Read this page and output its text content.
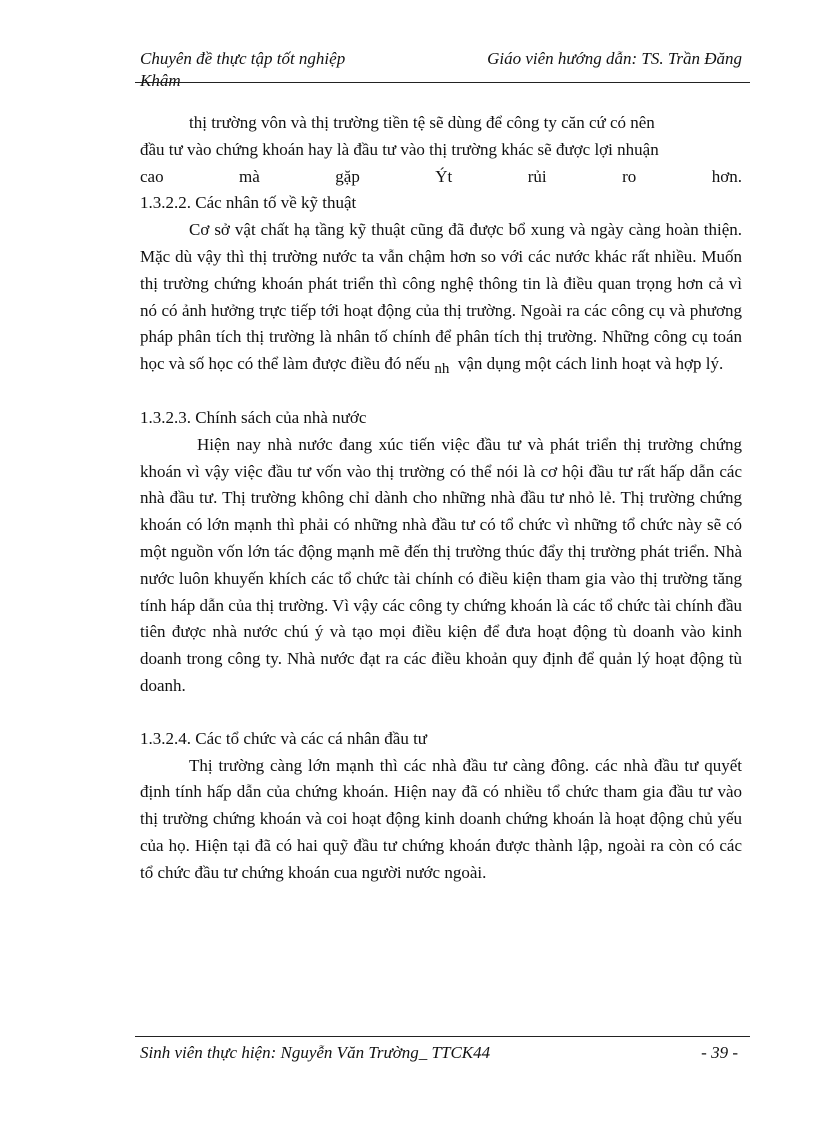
Chuyên đề thực tập tốt nghiệp	Giáo viên hướng dẫn: TS. Trần Đăng
Khâm

thị trường vôn và thị trường tiền tệ sẽ dùng để công ty căn cứ có nên

đầu tư vào chứng khoán hay là đầu tư vào thị trường khác sẽ được lợi nhuận

cao	mà	gặp	Ýt	rủi	ro	hơn.

1.3.2.2. Các nhân tố về kỹ thuật

Cơ sở vật chất hạ tầng kỹ thuật cũng đã được bổ xung và ngày càng hoàn thiện. Mặc dù vậy thì thị trường nước ta vẫn chậm hơn so với các nước khác rất nhiều. Muốn thị trường chứng khoán phát triển thì công nghệ thông tin là điều quan trọng hơn cả vì nó có ảnh hưởng trực tiếp tới hoạt động của thị trường. Ngoài ra các công cụ và phương pháp phân tích thị trường là nhân tố chính để phân tích thị trường. Những công cụ toán học và số học có thể làm được điều đó nếu nh vận dụng một cách linh hoạt và hợp lý.

1.3.2.3. Chính sách của nhà nước

Hiện nay nhà nước đang xúc tiến việc đầu tư và phát triển thị trường chứng khoán vì vậy việc đầu tư vốn vào thị trường có thể nói là cơ hội đầu tư rất hấp dẫn các nhà đầu tư. Thị trường không chỉ dành cho những nhà đầu tư nhỏ lẻ. Thị trường chứng khoán có lớn mạnh thì phải có những nhà đầu tư có tổ chức vì những tổ chức này sẽ có một nguồn vốn lớn tác động mạnh mẽ đến thị trường thúc đẩy thị trường phát triển. Nhà nước luôn khuyến khích các tổ chức tài chính có điều kiện tham gia vào thị trường tăng tính háp dẫn của thị trường. Vì vậy các công ty chứng khoán là các tổ chức tài chính đầu tiên được nhà nước chú ý và tạo mọi điều kiện để đưa hoạt động tù doanh vào kinh doanh trong công ty. Nhà nước đạt ra các điều khoản quy định để quản lý hoạt động tù doanh.

1.3.2.4. Các tổ chức và các cá nhân đầu tư

Thị trường càng lớn mạnh thì các nhà đầu tư càng đông. các nhà đầu tư quyết định tính hấp dẫn của chứng khoán. Hiện nay đã có nhiều tổ chức tham gia đầu tư vào thị trường chứng khoán và coi hoạt động kinh doanh chứng khoán là hoạt động chủ yếu của họ. Hiện tại đã có hai quỹ đầu tư chứng khoán được thành lập, ngoài ra còn có các tổ chức đầu tư chứng khoán cua người nước ngoài.

Sinh viên thực hiện: Nguyễn Văn Trường_ TTCK44	- 39 -
